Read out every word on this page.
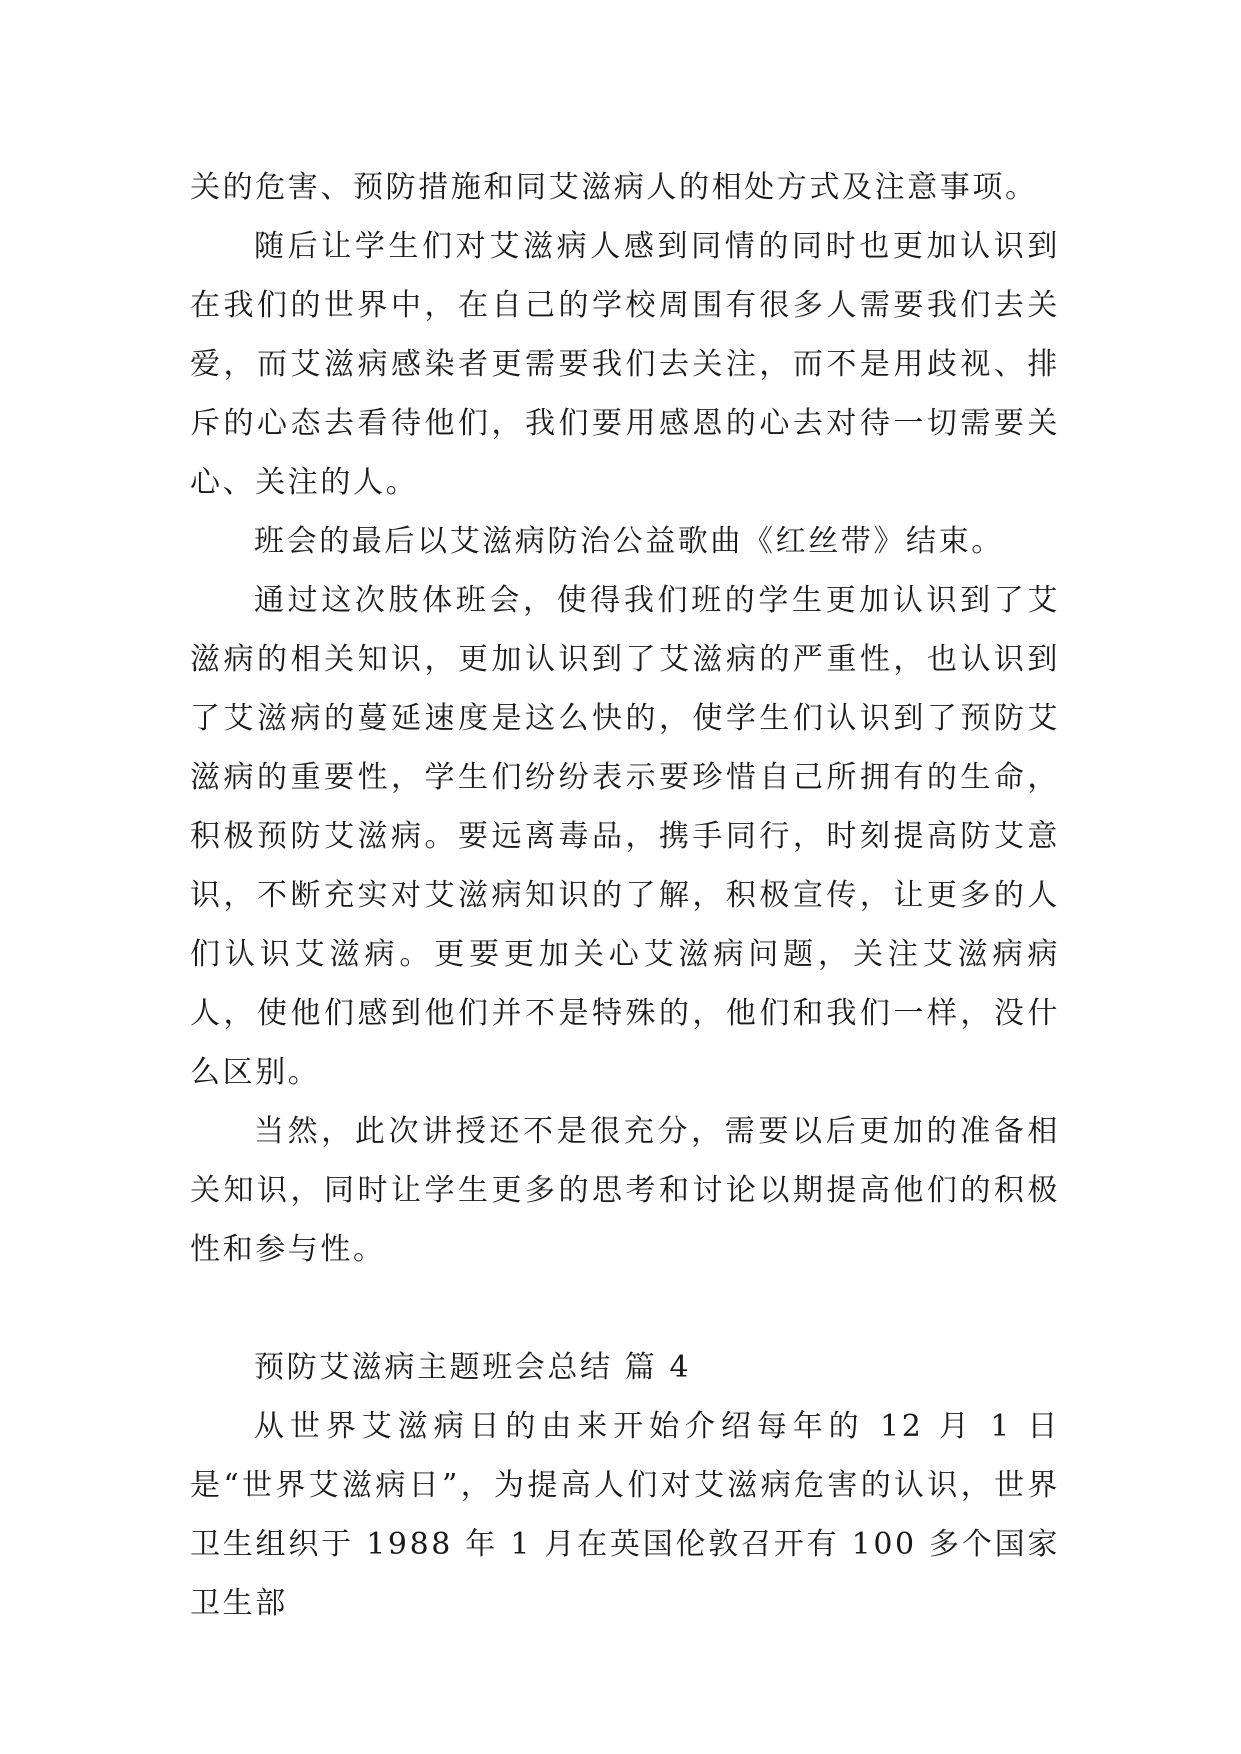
关的危害、预防措施和同艾滋病人的相处方式及注意事项。

随后让学生们对艾滋病人感到同情的同时也更加认识到在我们的世界中，在自己的学校周围有很多人需要我们去关爱，而艾滋病感染者更需要我们去关注，而不是用歧视、排斥的心态去看待他们，我们要用感恩的心去对待一切需要关心、关注的人。

班会的最后以艾滋病防治公益歌曲《红丝带》结束。

通过这次肢体班会，使得我们班的学生更加认识到了艾滋病的相关知识，更加认识到了艾滋病的严重性，也认识到了艾滋病的蔓延速度是这么快的，使学生们认识到了预防艾滋病的重要性，学生们纷纷表示要珍惜自己所拥有的生命，积极预防艾滋病。要远离毒品，携手同行，时刻提高防艾意识，不断充实对艾滋病知识的了解，积极宣传，让更多的人们认识艾滋病。更要更加关心艾滋病问题，关注艾滋病病人，使他们感到他们并不是特殊的，他们和我们一样，没什么区别。

当然，此次讲授还不是很充分，需要以后更加的准备相关知识，同时让学生更多的思考和讨论以期提高他们的积极性和参与性。

预防艾滋病主题班会总结 篇 4

从世界艾滋病日的由来开始介绍每年的 12 月 1 日是“世界艾滋病日”，为提高人们对艾滋病危害的认识，世界卫生组织于 1988 年 1 月在英国伦敦召开有 100 多个国家卫生部
